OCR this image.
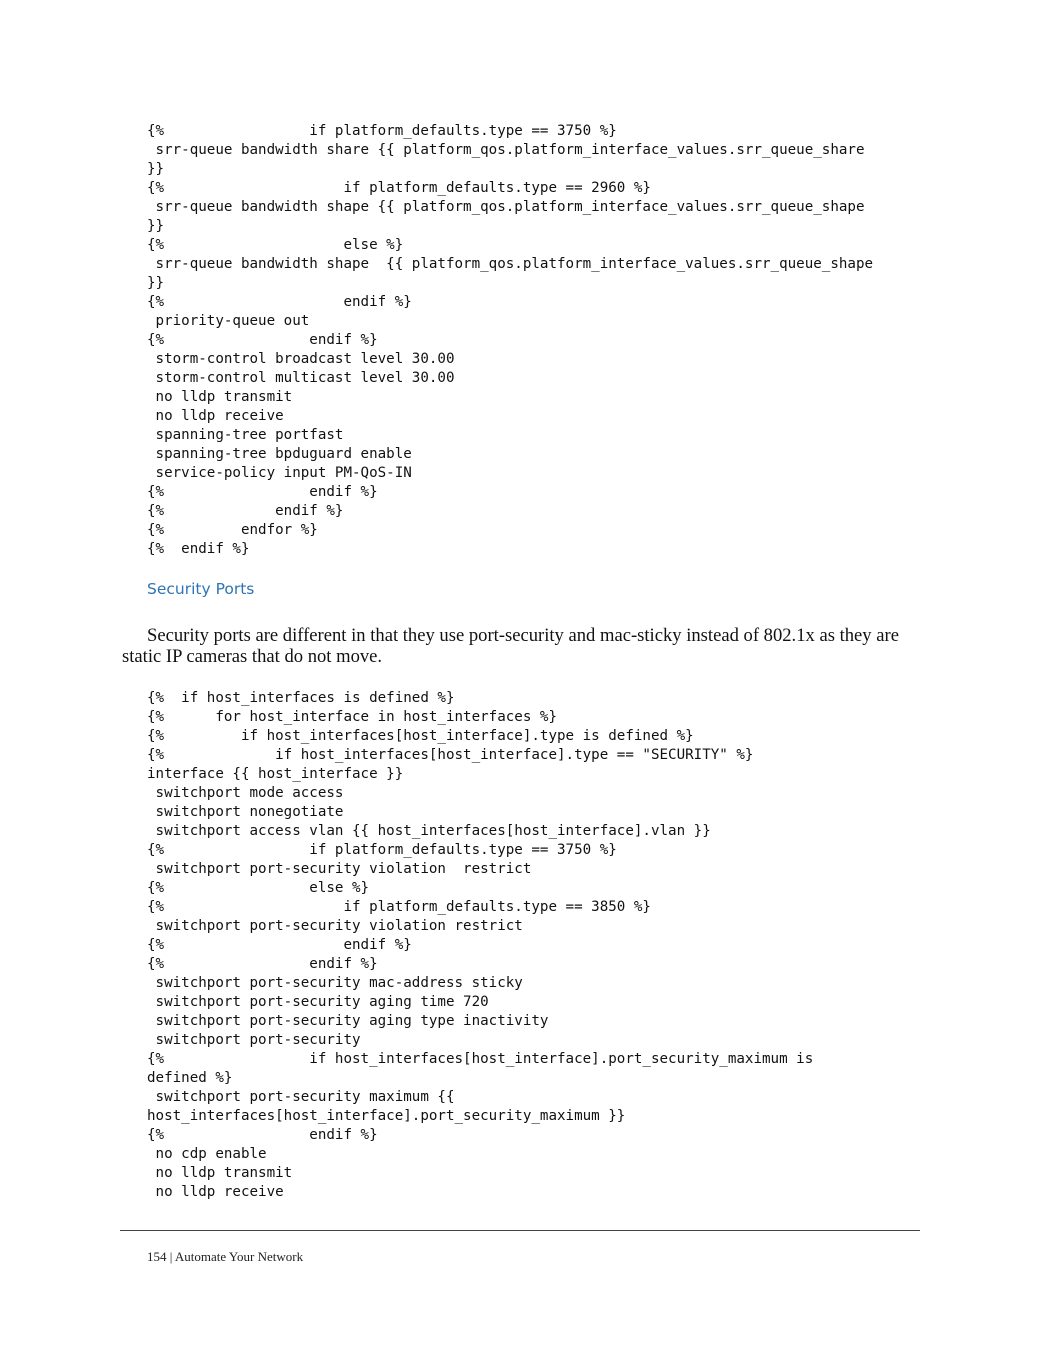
{%                 if platform_defaults.type == 3750 %}
srr-queue bandwidth share {{ platform_qos.platform_interface_values.srr_queue_share
}}
{%                     if platform_defaults.type == 2960 %}
srr-queue bandwidth shape {{ platform_qos.platform_interface_values.srr_queue_shape
}}
{%                     else %}
srr-queue bandwidth shape  {{ platform_qos.platform_interface_values.srr_queue_shape
}}
{%                     endif %}
priority-queue out
{%                 endif %}
storm-control broadcast level 30.00
storm-control multicast level 30.00
no lldp transmit
no lldp receive
spanning-tree portfast
spanning-tree bpduguard enable
service-policy input PM-QoS-IN
{%                 endif %}
{%             endif %}
{%         endfor %}
{%  endif %}
Security Ports

Security ports are different in that they use port-security and mac-sticky instead of 802.1x as they are static IP cameras that do not move.

{%  if host_interfaces is defined %}
{%      for host_interface in host_interfaces %}
{%         if host_interfaces[host_interface].type is defined %}
{%             if host_interfaces[host_interface].type == "SECURITY" %}
interface {{ host_interface }}
switchport mode access
switchport nonegotiate
switchport access vlan {{ host_interfaces[host_interface].vlan }}
{%                 if platform_defaults.type == 3750 %}
switchport port-security violation  restrict
{%                 else %}
{%                     if platform_defaults.type == 3850 %}
switchport port-security violation restrict
{%                     endif %}
{%                 endif %}
switchport port-security mac-address sticky
switchport port-security aging time 720
switchport port-security aging type inactivity
switchport port-security
{%                 if host_interfaces[host_interface].port_security_maximum is
defined %}
switchport port-security maximum {{
host_interfaces[host_interface].port_security_maximum }}
{%                 endif %}
no cdp enable
no lldp transmit
no lldp receive
154 | Automate Your Network
